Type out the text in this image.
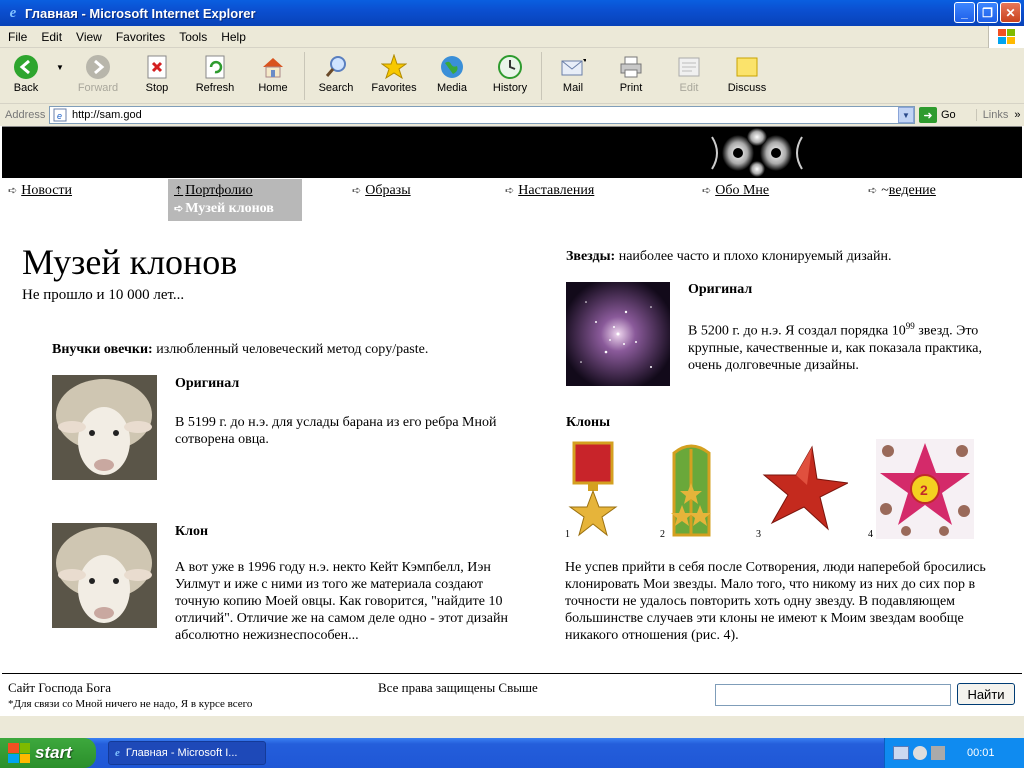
e Главная - Microsoft Internet Explorer	_	❐	✕
File	Edit	View	Favorites	Tools	Help
Back
▼
Forward	Stop Refresh Home	Search Favorites Media History	Mail	Print	Edit	Discuss
Address	e http://sam.god	▼	➜ Go	Links »
➪ Новости	⇡ Портфолио
➪ Музей клонов
➪ Образы	➪ Наставления	➪ Обо Мне	➪ ~ведение
Музей клонов
Не прошло и 10 000 лет...
Внучки овечки: излюбленный человеческий метод copy/paste.
Оригинал
В 5199 г. до н.э. для услады барана из его ребра Мной сотворена овца.
Клон
А вот уже в 1996 году н.э. некто Кейт Кэмпбелл, Иэн Уилмут и иже с ними из того же материала создают точную копию Моей овцы. Как говорится, "найдите 10 отличий". Отличие же на самом деле одно - этот дизайн абсолютно нежизнеспособен...
Звезды: наиболее часто и плохо клонируемый дизайн.
Оригинал
В 5200 г. до н.э. Я создал порядка $10^{99}$ звезд. Это крупные, качественные и, как показала практика, очень долговечные дизайны.
Клоны
1	2	3
2
4
Не успев прийти в себя после Сотворения, люди наперебой бросились клонировать Мои звезды. Мало того, что никому из них до сих пор в точности не удалось повторить хоть одну звезду. В подавляющем большинстве случаев эти клоны не имеют к Моим звездам вообще никакого отношения (рис. 4).
Сайт Господа Бога
*Для связи со Мной ничего не надо, Я в курсе всего
Все права защищены Свыше	Найти
start	e Главная - Microsoft I...	00:01
